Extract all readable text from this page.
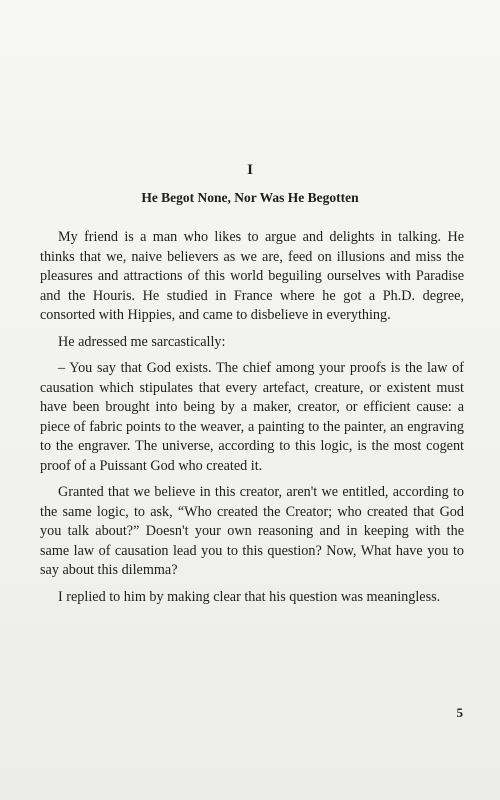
I
He Begot None, Nor Was He Begotten

My friend is a man who likes to argue and delights in talking. He thinks that we, naive believers as we are, feed on illusions and miss the pleasures and attractions of this world beguiling ourselves with Paradise and the Houris. He studied in France where he got a Ph.D. degree, consorted with Hippies, and came to disbelieve in everything.

He adressed me sarcastically:

– You say that God exists. The chief among your proofs is the law of causation which stipulates that every artefact, creature, or existent must have been brought into being by a maker, creator, or efficient cause: a piece of fabric points to the weaver, a painting to the painter, an engraving to the engraver. The universe, according to this logic, is the most cogent proof of a Puissant God who created it.

Granted that we believe in this creator, aren't we entitled, according to the same logic, to ask, “Who created the Creator; who created that God you talk about?” Doesn't your own reasoning and in keeping with the same law of causation lead you to this question? Now, What have you to say about this dilemma?

I replied to him by making clear that his question was meaningless.

5
